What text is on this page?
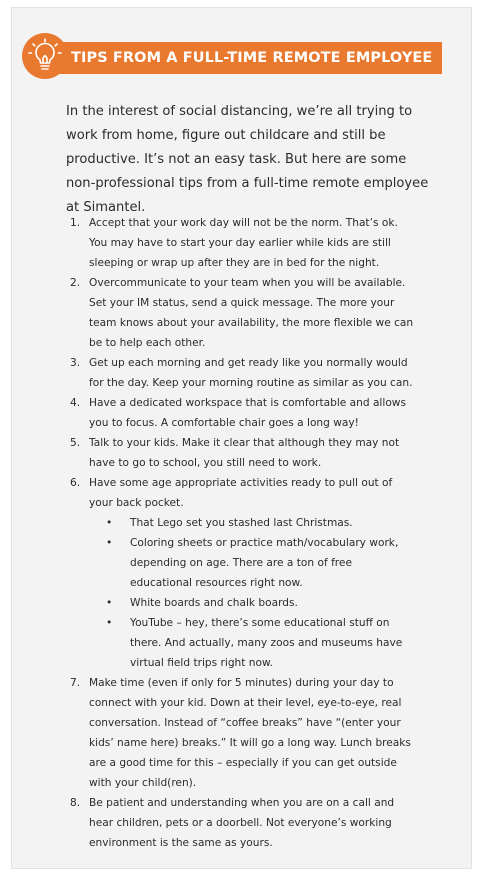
TIPS FROM A FULL-TIME REMOTE EMPLOYEE

In the interest of social distancing, we’re all trying to work from home, figure out childcare and still be productive. It’s not an easy task. But here are some non-professional tips from a full-time remote employee at Simantel.

1. Accept that your work day will not be the norm. That’s ok. You may have to start your day earlier while kids are still sleeping or wrap up after they are in bed for the night.
2. Overcommunicate to your team when you will be available. Set your IM status, send a quick message. The more your team knows about your availability, the more flexible we can be to help each other.
3. Get up each morning and get ready like you normally would for the day. Keep your morning routine as similar as you can.
4. Have a dedicated workspace that is comfortable and allows you to focus. A comfortable chair goes a long way!
5. Talk to your kids. Make it clear that although they may not have to go to school, you still need to work.
6. Have some age appropriate activities ready to pull out of your back pocket.
• That Lego set you stashed last Christmas.
• Coloring sheets or practice math/vocabulary work, depending on age. There are a ton of free educational resources right now.
• White boards and chalk boards.
• YouTube – hey, there’s some educational stuff on there. And actually, many zoos and museums have virtual field trips right now.
7. Make time (even if only for 5 minutes) during your day to connect with your kid. Down at their level, eye-to-eye, real conversation. Instead of “coffee breaks” have “(enter your kids’ name here) breaks.” It will go a long way. Lunch breaks are a good time for this – especially if you can get outside with your child(ren).
8. Be patient and understanding when you are on a call and hear children, pets or a doorbell. Not everyone’s working environment is the same as yours.
